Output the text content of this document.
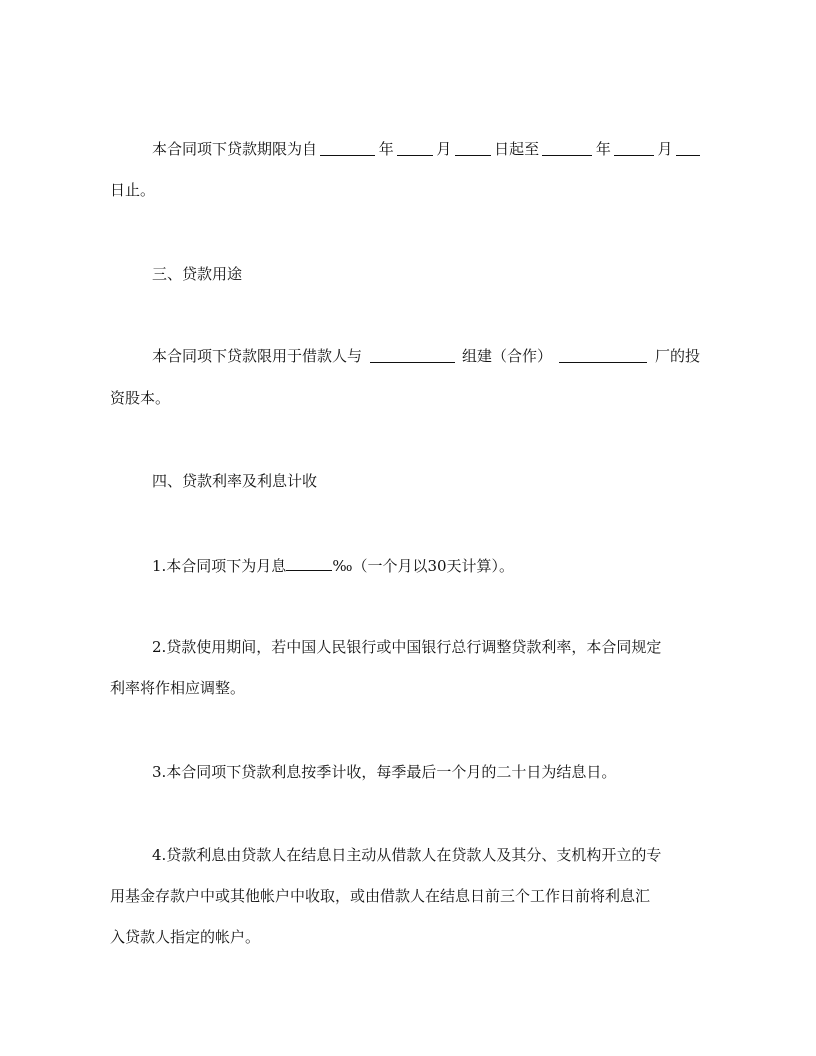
本合同项下贷款期限为自	年	月	日起至	年	月
日止。
三、贷款用途
本合同项下贷款限用于借款人与	组建（合作）	厂的投
资股本。
四、贷款利率及利息计收
1.本合同项下为月息	‰（一个月以30天计算）。
2.贷款使用期间，若中国人民银行或中国银行总行调整贷款利率，本合同规定
利率将作相应调整。
3.本合同项下贷款利息按季计收，每季最后一个月的二十日为结息日。
4.贷款利息由贷款人在结息日主动从借款人在贷款人及其分、支机构开立的专
用基金存款户中或其他帐户中收取，或由借款人在结息日前三个工作日前将利息汇
入贷款人指定的帐户。
